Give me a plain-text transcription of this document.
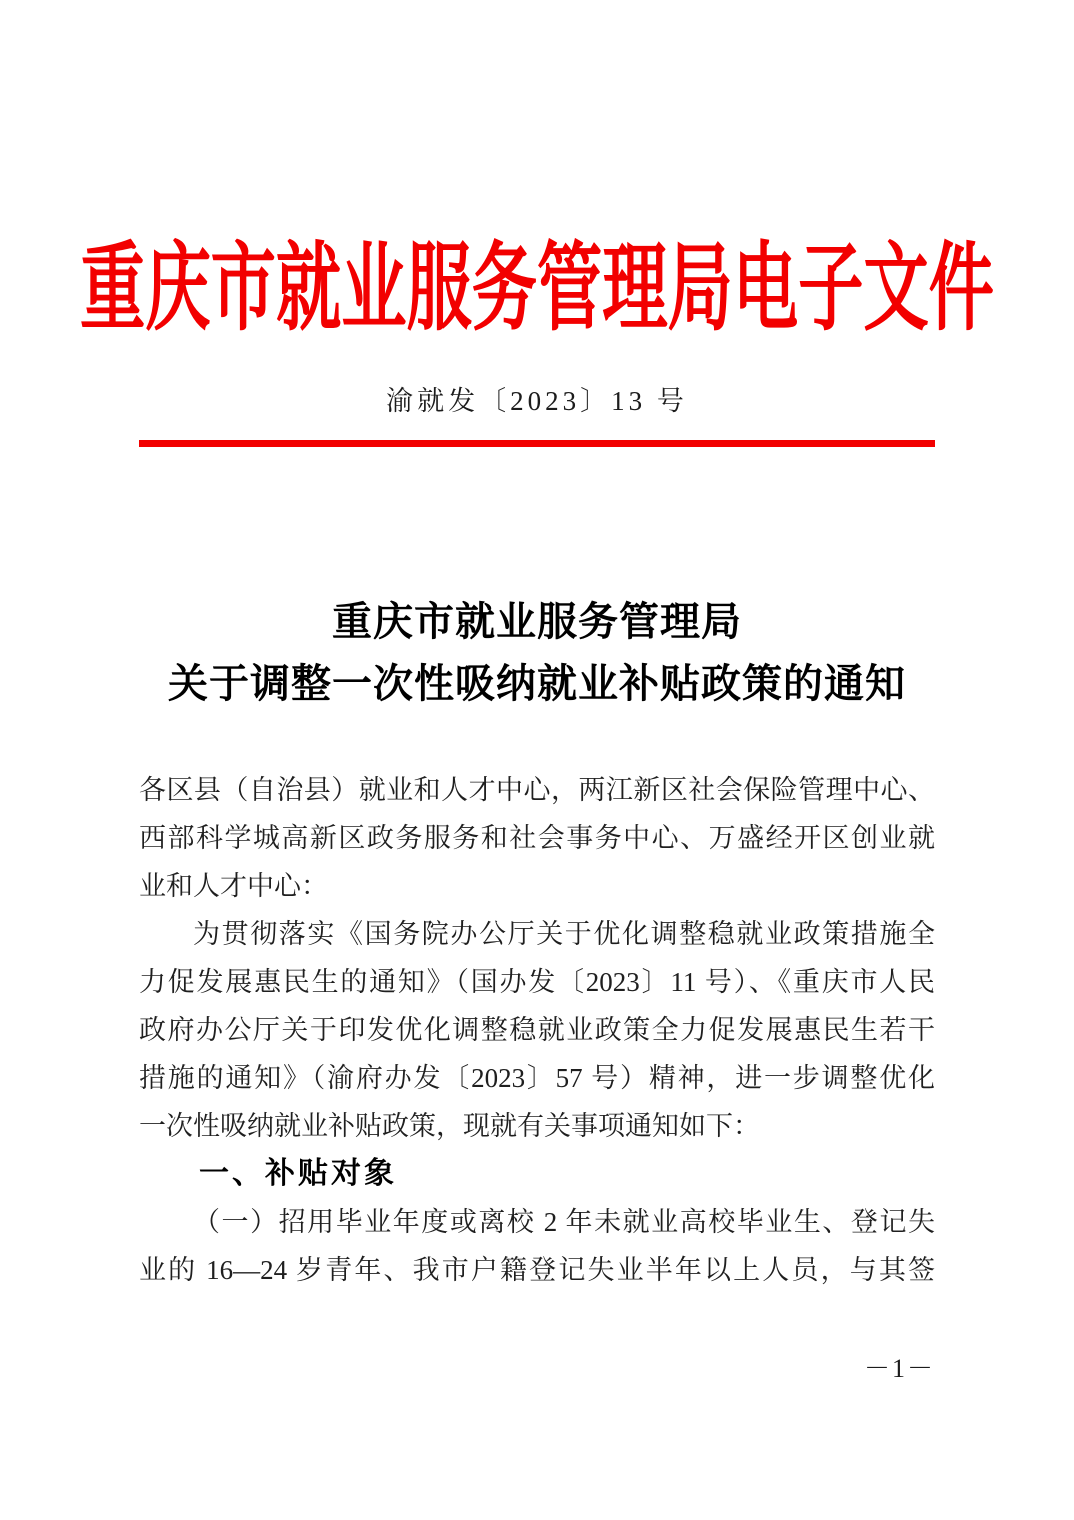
重庆市就业服务管理局电子文件
渝就发〔2023〕13 号
重庆市就业服务管理局
关于调整一次性吸纳就业补贴政策的通知
各区县（自治县）就业和人才中心，两江新区社会保险管理中心、
西部科学城高新区政务服务和社会事务中心、万盛经开区创业就
业和人才中心：
为贯彻落实《国务院办公厅关于优化调整稳就业政策措施全
力促发展惠民生的通知》（国办发〔2023〕11 号）、《重庆市人民
政府办公厅关于印发优化调整稳就业政策全力促发展惠民生若干
措施的通知》（渝府办发〔2023〕57 号）精神，进一步调整优化
一次性吸纳就业补贴政策，现就有关事项通知如下：
一、补贴对象
（一）招用毕业年度或离校 2 年未就业高校毕业生、登记失
业的 16—24 岁青年、我市户籍登记失业半年以上人员，与其签
－1－
